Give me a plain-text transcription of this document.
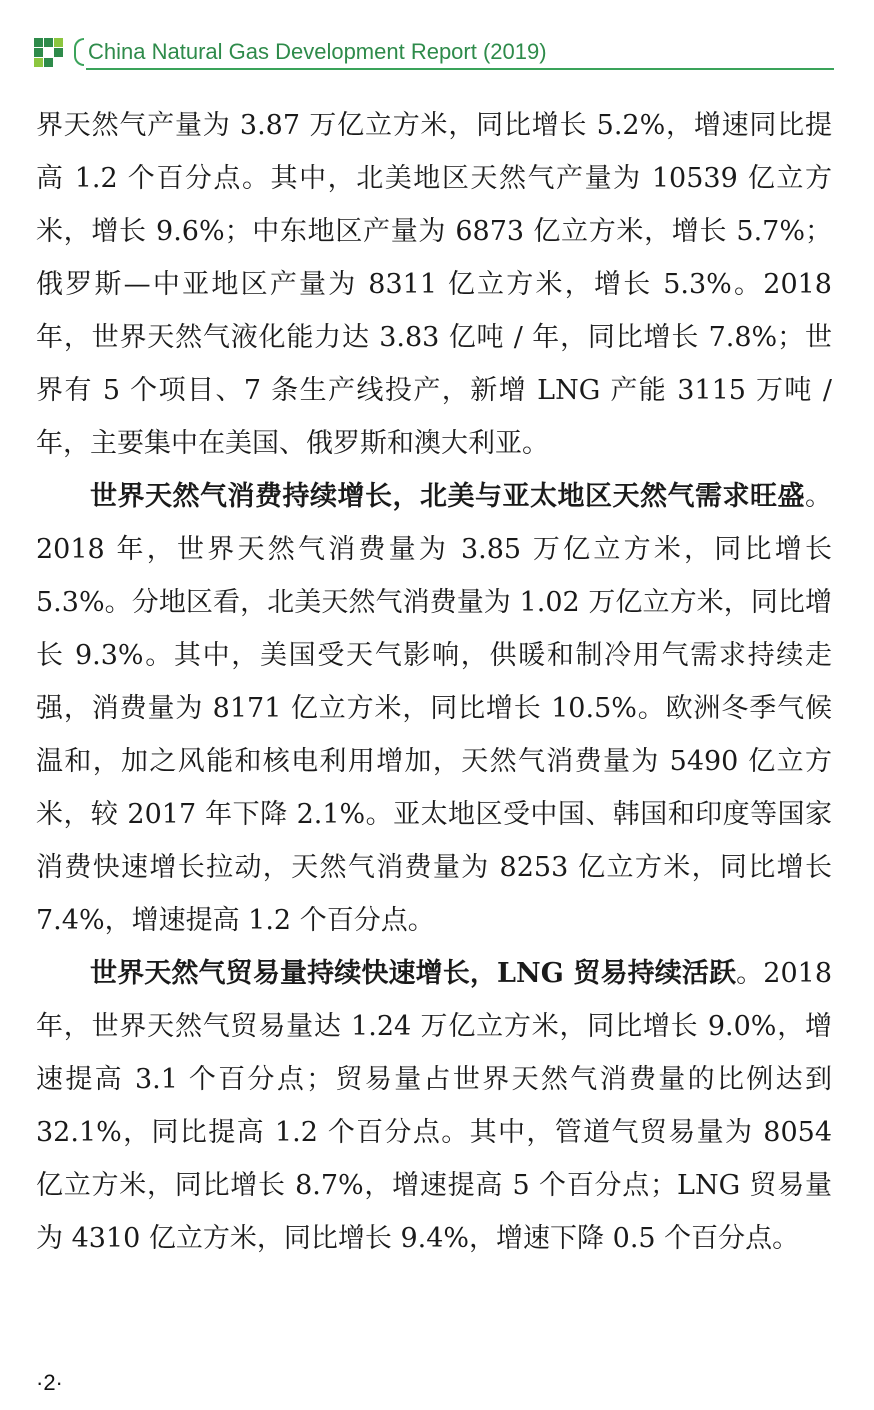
China Natural Gas Development Report (2019)

界天然气产量为 3.87 万亿立方米，同比增长 5.2%，增速同比提高 1.2 个百分点。其中，北美地区天然气产量为 10539 亿立方米，增长 9.6%；中东地区产量为 6873 亿立方米，增长 5.7%；俄罗斯—中亚地区产量为 8311 亿立方米，增长 5.3%。2018 年，世界天然气液化能力达 3.83 亿吨 / 年，同比增长 7.8%；世界有 5 个项目、7 条生产线投产，新增 LNG 产能 3115 万吨 / 年，主要集中在美国、俄罗斯和澳大利亚。

世界天然气消费持续增长，北美与亚太地区天然气需求旺盛。2018 年，世界天然气消费量为 3.85 万亿立方米，同比增长 5.3%。分地区看，北美天然气消费量为 1.02 万亿立方米，同比增长 9.3%。其中，美国受天气影响，供暖和制冷用气需求持续走强，消费量为 8171 亿立方米，同比增长 10.5%。欧洲冬季气候温和，加之风能和核电利用增加，天然气消费量为 5490 亿立方米，较 2017 年下降 2.1%。亚太地区受中国、韩国和印度等国家消费快速增长拉动，天然气消费量为 8253 亿立方米，同比增长 7.4%，增速提高 1.2 个百分点。

世界天然气贸易量持续快速增长，LNG 贸易持续活跃。2018 年，世界天然气贸易量达 1.24 万亿立方米，同比增长 9.0%，增速提高 3.1 个百分点；贸易量占世界天然气消费量的比例达到 32.1%，同比提高 1.2 个百分点。其中，管道气贸易量为 8054 亿立方米，同比增长 8.7%，增速提高 5 个百分点；LNG 贸易量为 4310 亿立方米，同比增长 9.4%，增速下降 0.5 个百分点。

·2·
